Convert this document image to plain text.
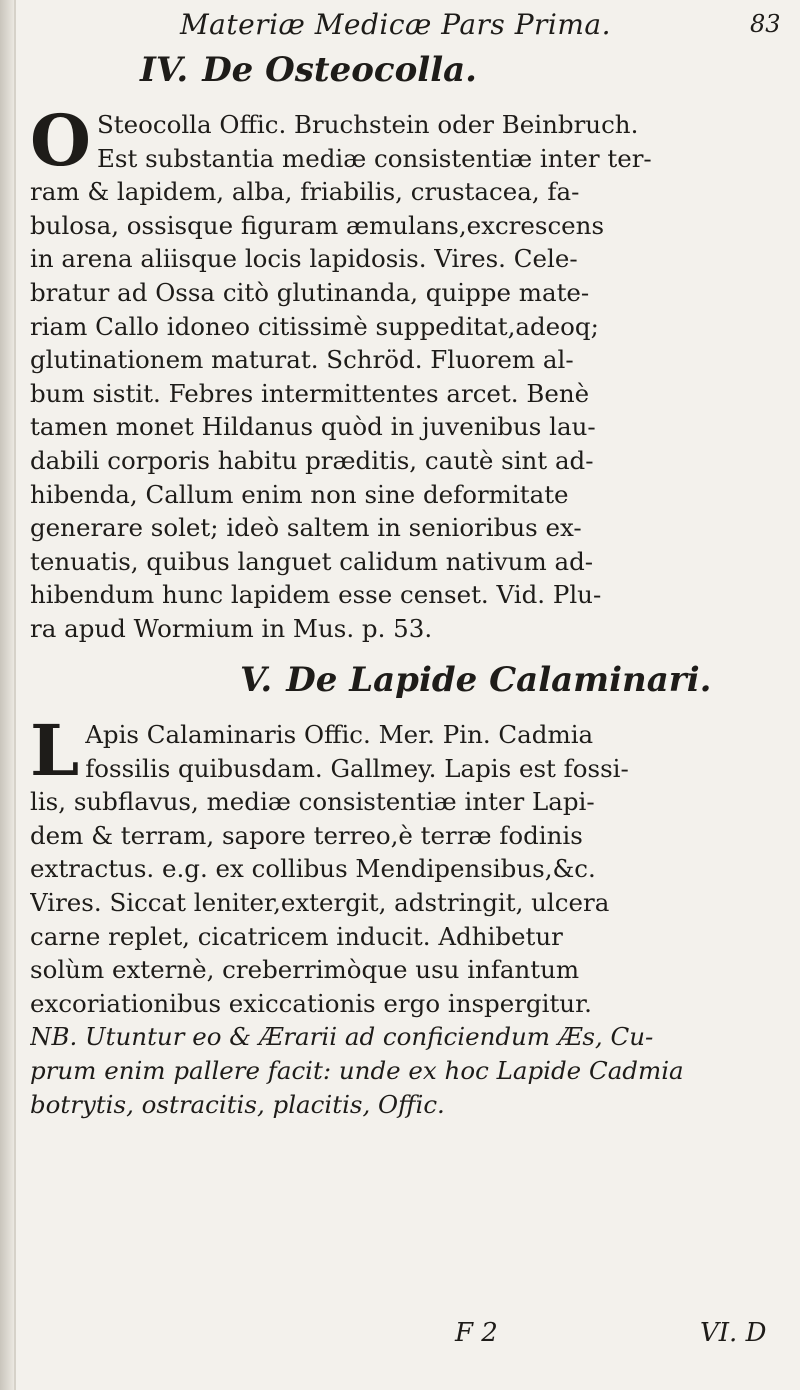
Materiæ Medicæ Pars Prima.	83
IV. De Osteocolla.
O Steocolla Offic. Bruchstein oder Beinbruch.
Est substantia mediæ consistentiæ inter ter-
ram & lapidem, alba, friabilis, crustacea, fa-
bulosa, ossisque figuram æmulans,excrescens
in arena aliisque locis lapidosis. Vires. Cele-
bratur ad Ossa citò glutinanda, quippe mate-
riam Callo idoneo citissimè suppeditat,adeoq;
glutinationem maturat. Schröd. Fluorem al-
bum sistit. Febres intermittentes arcet. Benè
tamen monet Hildanus quòd in juvenibus lau-
dabili corporis habitu præditis, cautè sint ad-
hibenda, Callum enim non sine deformitate
generare solet; ideò saltem in senioribus ex-
tenuatis, quibus languet calidum nativum ad-
hibendum hunc lapidem esse censet. Vid. Plu-
ra apud Wormium in Mus. p. 53.
V. De Lapide Calaminari.
L Apis Calaminaris Offic. Mer. Pin. Cadmia
fossilis quibusdam. Gallmey. Lapis est fossi-
lis, subflavus, mediæ consistentiæ inter Lapi-
dem & terram, sapore terreo,è terræ fodinis
extractus. e.g. ex collibus Mendipensibus,&c.
Vires. Siccat leniter,extergit, adstringit, ulcera
carne replet, cicatricem inducit. Adhibetur
solùm externè, creberrimòque usu infantum
excoriationibus exiccationis ergo inspergitur.
NB. Utuntur eo & Ærarii ad conficiendum Æs, Cu-
prum enim pallere facit: unde ex hoc Lapide Cadmia
botrytis, ostracitis, placitis, Offic.
F 2	VI. D
